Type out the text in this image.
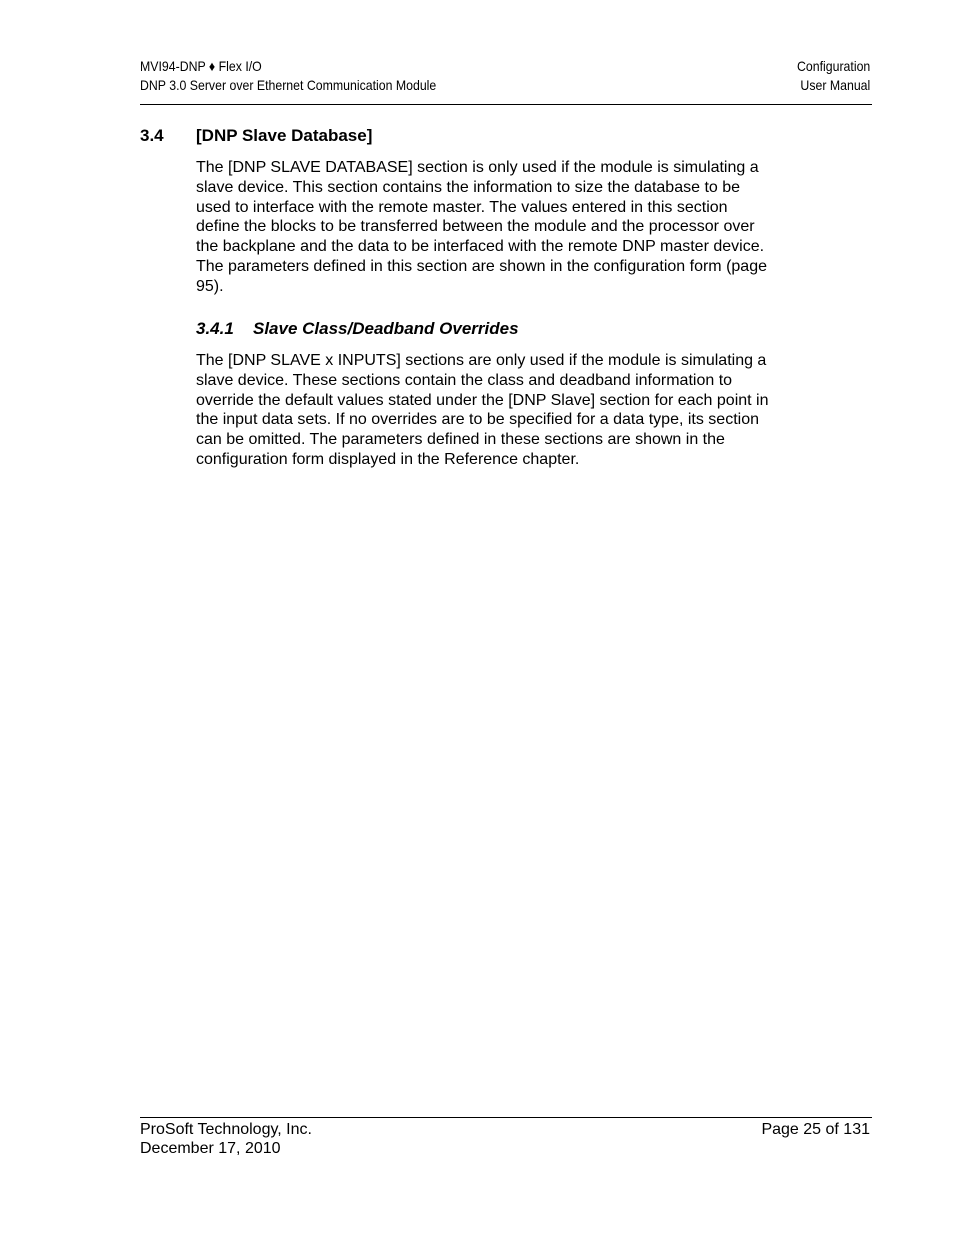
MVI94-DNP ♦ Flex I/O
DNP 3.0 Server over Ethernet Communication Module
Configuration
User Manual
3.4 [DNP Slave Database]
The [DNP SLAVE DATABASE] section is only used if the module is simulating a
slave device. This section contains the information to size the database to be
used to interface with the remote master. The values entered in this section
define the blocks to be transferred between the module and the processor over
the backplane and the data to be interfaced with the remote DNP master device.
The parameters defined in this section are shown in the configuration form (page
95).
3.4.1 Slave Class/Deadband Overrides
The [DNP SLAVE x INPUTS] sections are only used if the module is simulating a
slave device. These sections contain the class and deadband information to
override the default values stated under the [DNP Slave] section for each point in
the input data sets. If no overrides are to be specified for a data type, its section
can be omitted. The parameters defined in these sections are shown in the
configuration form displayed in the Reference chapter.
ProSoft Technology, Inc.
December 17, 2010
Page 25 of 131
